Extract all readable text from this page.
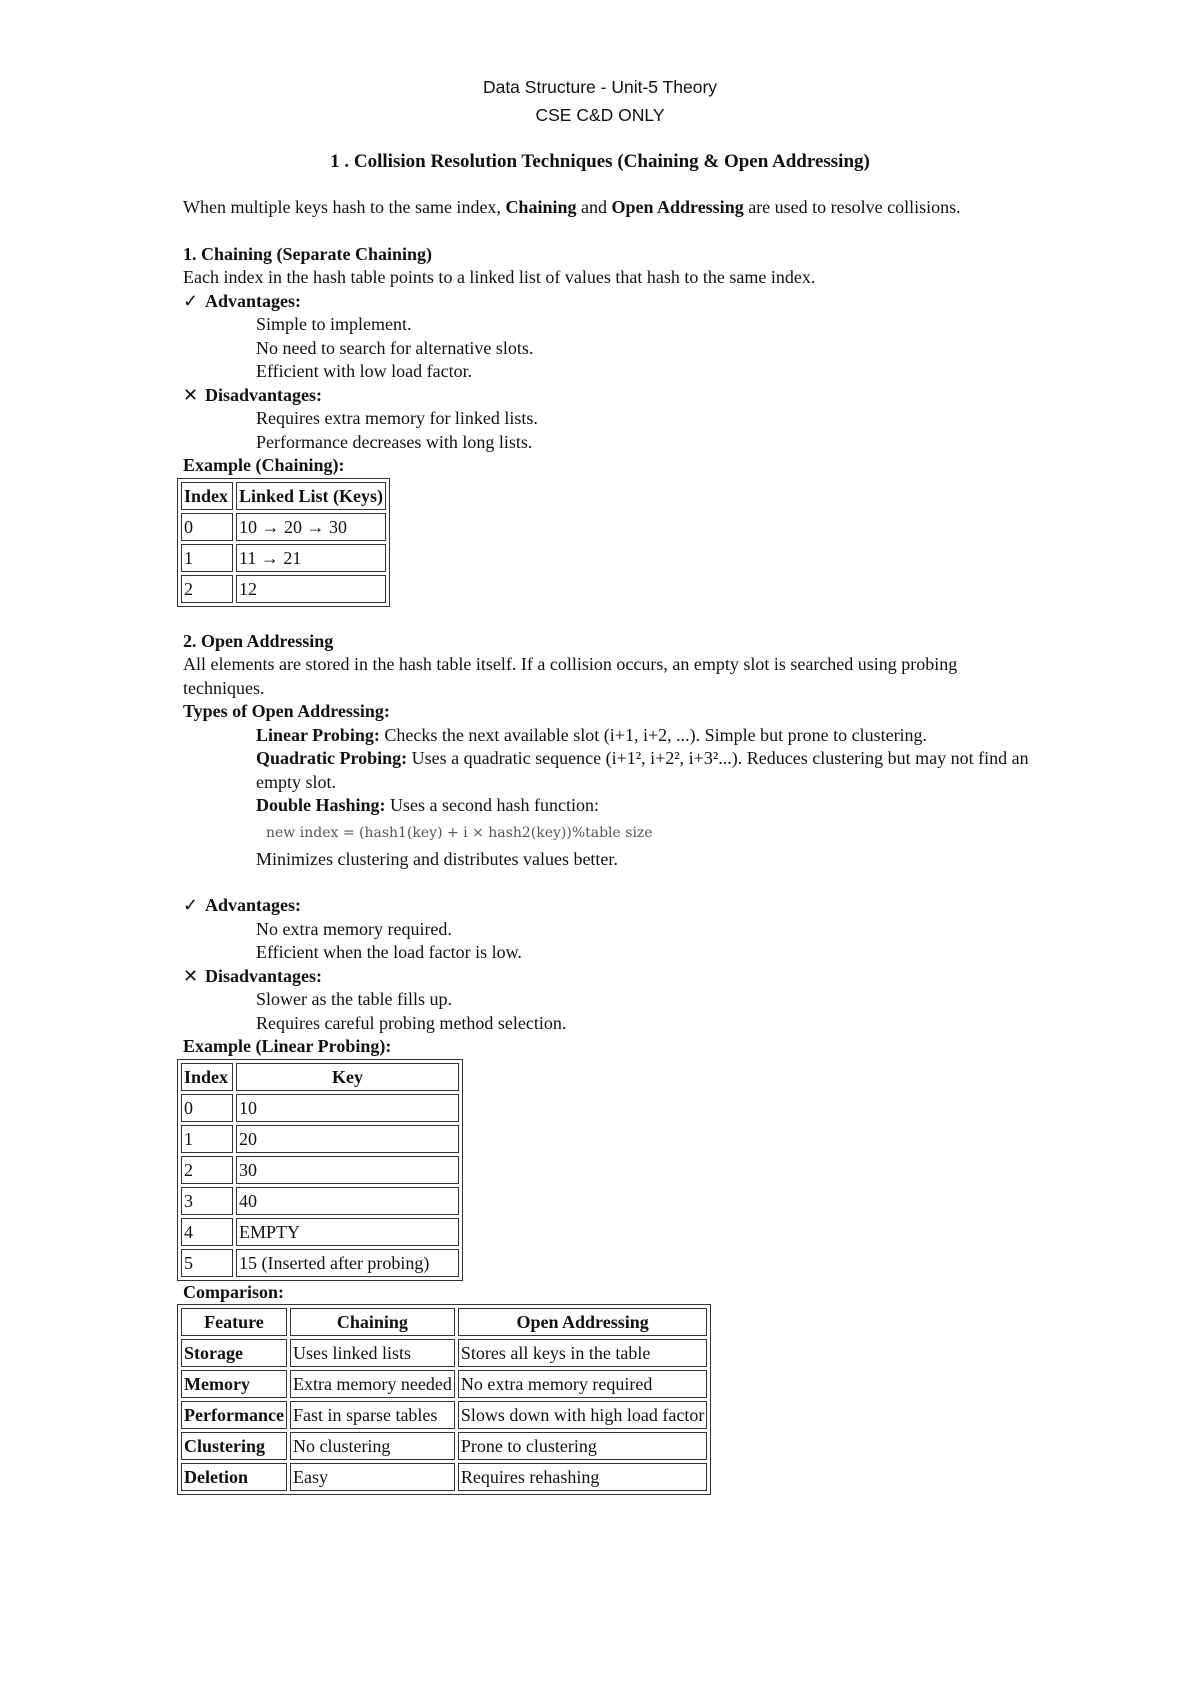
Data Structure - Unit-5 Theory
CSE C&D ONLY
1 . Collision Resolution Techniques (Chaining & Open Addressing)

When multiple keys hash to the same index, Chaining and Open Addressing are used to resolve collisions.

1. Chaining (Separate Chaining)

Each index in the hash table points to a linked list of values that hash to the same index.

✓ Advantages:

Simple to implement.

No need to search for alternative slots.

Efficient with low load factor.

✕ Disadvantages:

Requires extra memory for linked lists.

Performance decreases with long lists.

Example (Chaining):

Index	Linked List (Keys)
0	10 → 20 → 30
1	11 → 21
2	12

2. Open Addressing

All elements are stored in the hash table itself. If a collision occurs, an empty slot is searched using probing techniques.

Types of Open Addressing:

Linear Probing: Checks the next available slot (i+1, i+2, ...). Simple but prone to clustering.

Quadratic Probing: Uses a quadratic sequence (i+1², i+2², i+3²...). Reduces clustering but may not find an empty slot.

Double Hashing: Uses a second hash function:

new index = (hash1(key) + i × hash2(key))%table size

Minimizes clustering and distributes values better.

✓ Advantages:

No extra memory required.

Efficient when the load factor is low.

✕ Disadvantages:

Slower as the table fills up.

Requires careful probing method selection.

Example (Linear Probing):

Index	Key
0	10
1	20
2	30
3	40
4	EMPTY
5	15 (Inserted after probing)

Comparison:

Feature	Chaining	Open Addressing
Storage	Uses linked lists	Stores all keys in the table
Memory	Extra memory needed	No extra memory required
Performance	Fast in sparse tables	Slows down with high load factor
Clustering	No clustering	Prone to clustering
Deletion	Easy	Requires rehashing
